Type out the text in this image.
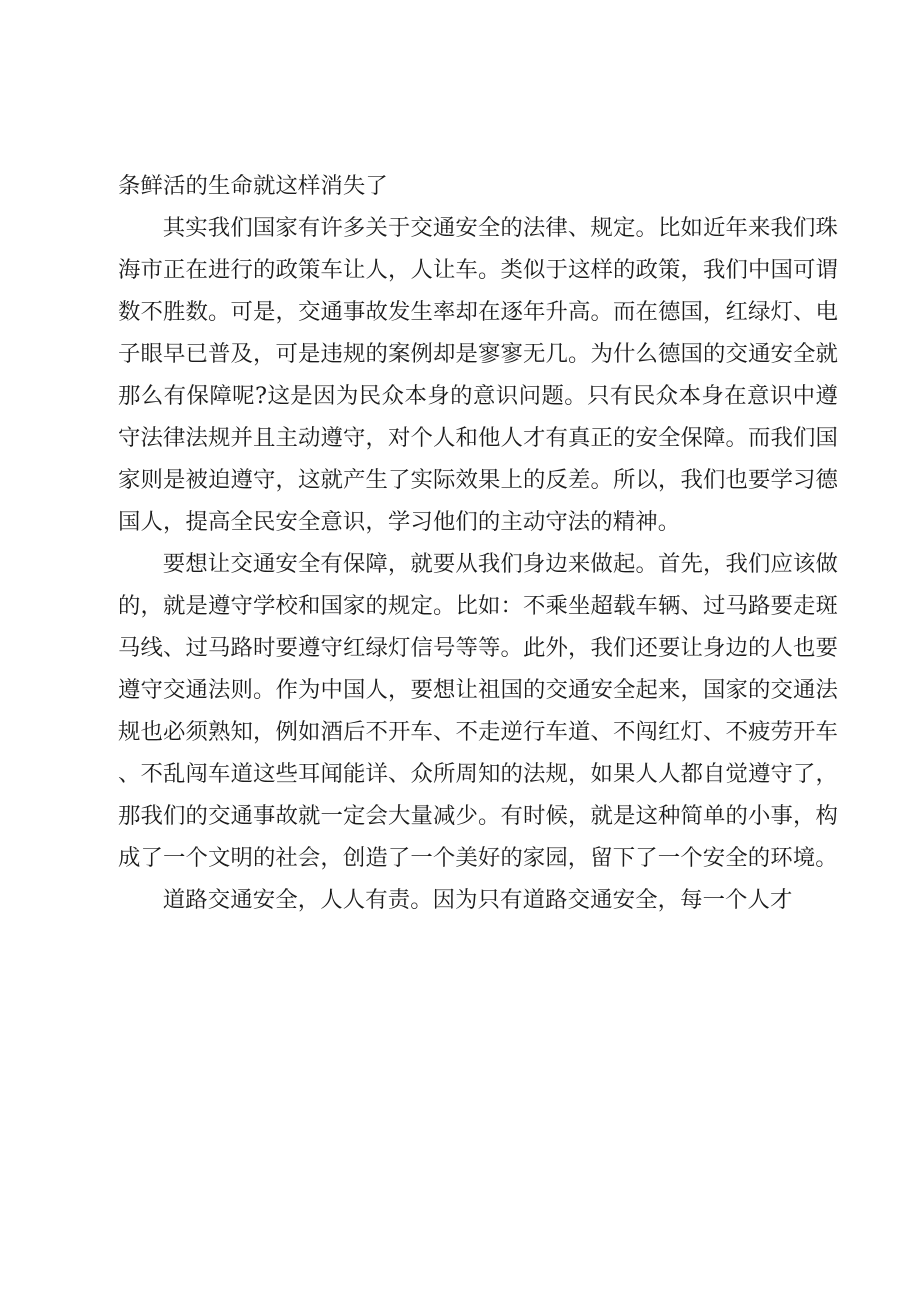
条鲜活的生命就这样消失了

其实我们国家有许多关于交通安全的法律、规定。比如近年来我们珠海市正在进行的政策车让人，人让车。类似于这样的政策，我们中国可谓数不胜数。可是，交通事故发生率却在逐年升高。而在德国，红绿灯、电子眼早已普及，可是违规的案例却是寥寥无几。为什么德国的交通安全就那么有保障呢?这是因为民众本身的意识问题。只有民众本身在意识中遵守法律法规并且主动遵守，对个人和他人才有真正的安全保障。而我们国家则是被迫遵守，这就产生了实际效果上的反差。所以，我们也要学习德国人，提高全民安全意识，学习他们的主动守法的精神。

要想让交通安全有保障，就要从我们身边来做起。首先，我们应该做的，就是遵守学校和国家的规定。比如：不乘坐超载车辆、过马路要走斑马线、过马路时要遵守红绿灯信号等等。此外，我们还要让身边的人也要遵守交通法则。作为中国人，要想让祖国的交通安全起来，国家的交通法规也必须熟知，例如酒后不开车、不走逆行车道、不闯红灯、不疲劳开车、不乱闯车道这些耳闻能详、众所周知的法规，如果人人都自觉遵守了，那我们的交通事故就一定会大量减少。有时候，就是这种简单的小事，构成了一个文明的社会，创造了一个美好的家园，留下了一个安全的环境。

道路交通安全，人人有责。因为只有道路交通安全，每一个人才
